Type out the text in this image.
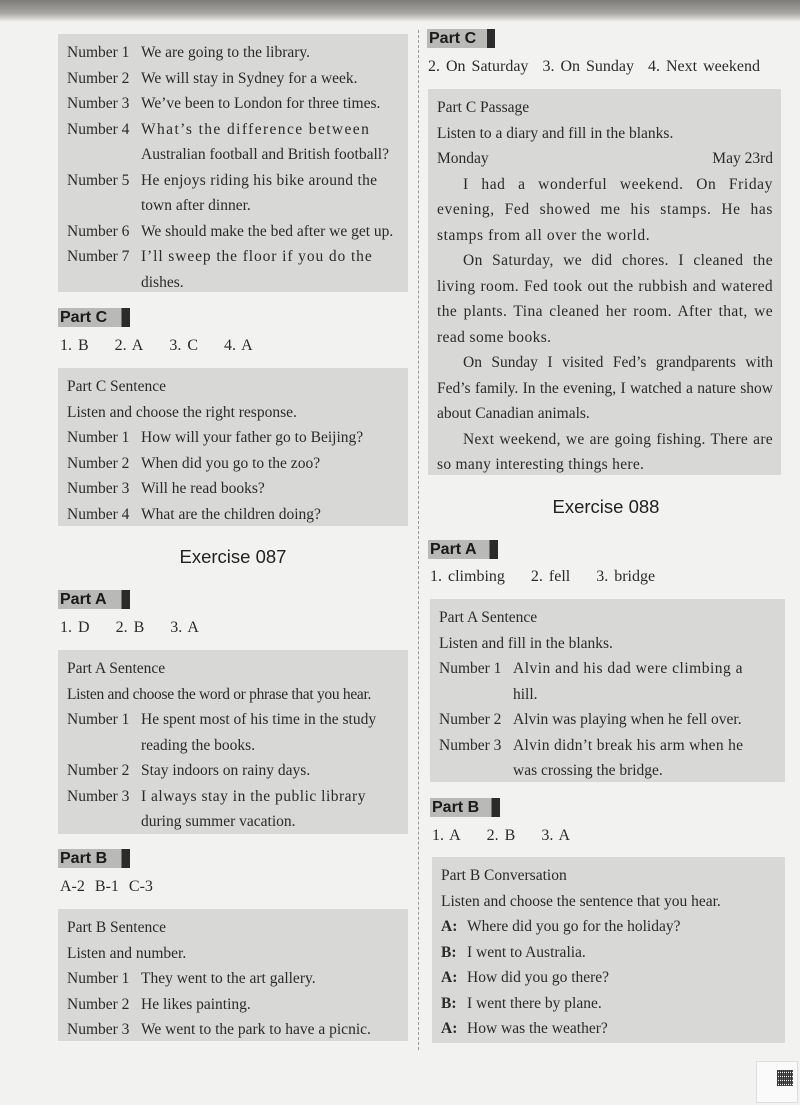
Number 1 We are going to the library.
Number 2 We will stay in Sydney for a week.
Number 3 We’ve been to London for three times.
Number 4 What’s the difference between
Australian football and British football?
Number 5 He enjoys riding his bike around the
town after dinner.
Number 6 We should make the bed after we get up.
Number 7 I’ll sweep the floor if you do the
dishes.
Part C
1. B 2. A 3. C 4. A
Part C Sentence
Listen and choose the right response.
Number 1 How will your father go to Beijing?
Number 2 When did you go to the zoo?
Number 3 Will he read books?
Number 4 What are the children doing?
Exercise 087
Part A
1. D 2. B 3. A
Part A Sentence
Listen and choose the word or phrase that you hear.
Number 1 He spent most of his time in the study
reading the books.
Number 2 Stay indoors on rainy days.
Number 3 I always stay in the public library
during summer vacation.
Part B
A-2 B-1 C-3
Part B Sentence
Listen and number.
Number 1 They went to the art gallery.
Number 2 He likes painting.
Number 3 We went to the park to have a picnic.
Part C
2. On Saturday 3. On Sunday 4. Next weekend
Part C Passage
Listen to a diary and fill in the blanks.
Monday	May 23rd
I had a wonderful weekend. On Friday evening, Fed showed me his stamps. He has stamps from all over the world.
On Saturday, we did chores. I cleaned the living room. Fed took out the rubbish and watered the plants. Tina cleaned her room. After that, we read some books.
On Sunday I visited Fed’s grandparents with Fed’s family. In the evening, I watched a nature show about Canadian animals.
Next weekend, we are going fishing. There are so many interesting things here.
Exercise 088
Part A
1. climbing 2. fell 3. bridge
Part A Sentence
Listen and fill in the blanks.
Number 1 Alvin and his dad were climbing a
hill.
Number 2 Alvin was playing when he fell over.
Number 3 Alvin didn’t break his arm when he
was crossing the bridge.
Part B
1. A 2. B 3. A
Part B Conversation
Listen and choose the sentence that you hear.
A: Where did you go for the holiday?
B: I went to Australia.
A: How did you go there?
B: I went there by plane.
A: How was the weather?
